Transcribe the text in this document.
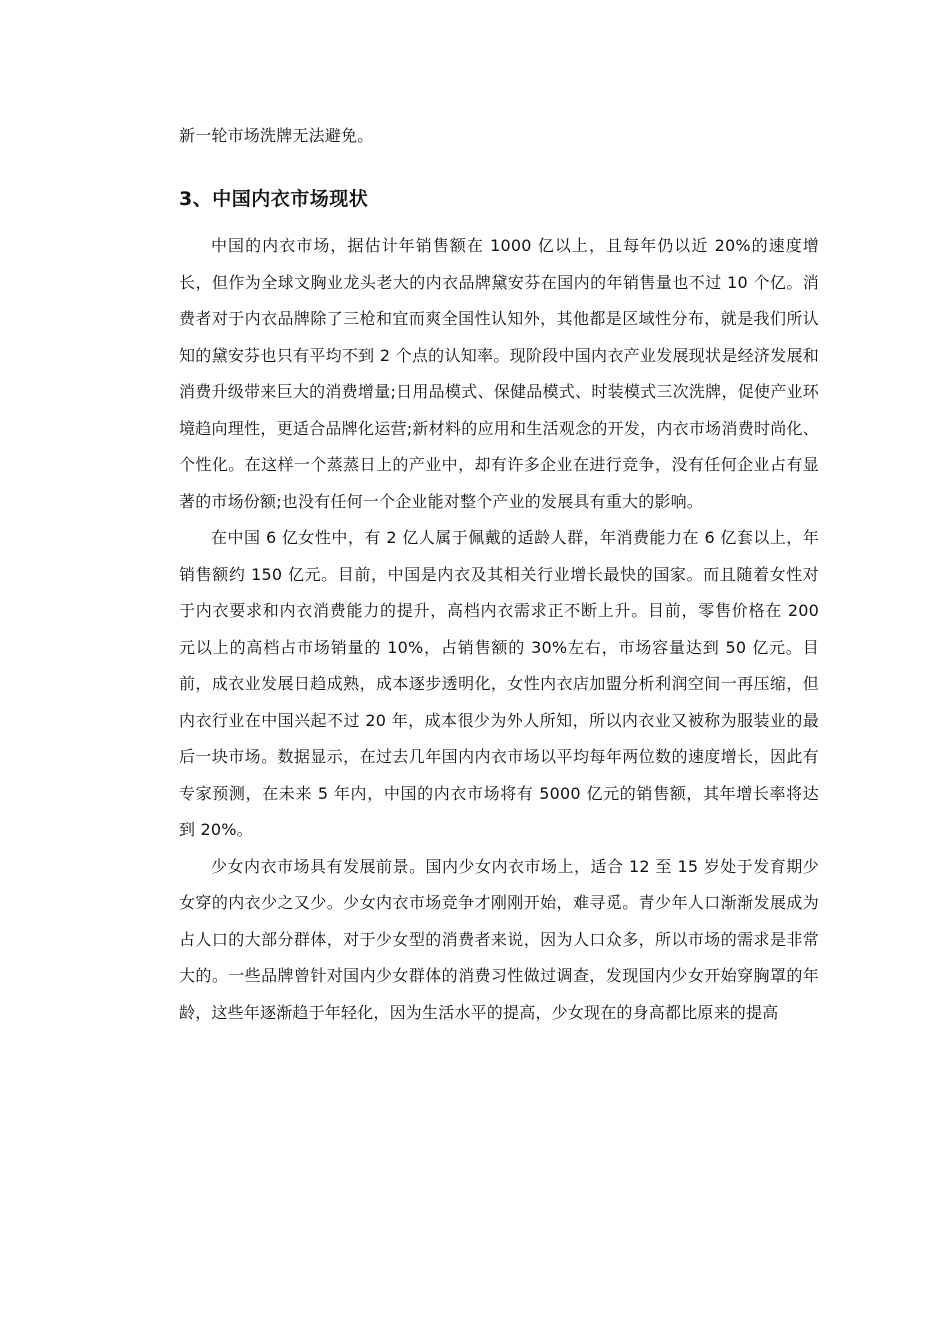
新一轮市场洗牌无法避免。
3、中国内衣市场现状

中国的内衣市场，据估计年销售额在 1000 亿以上，且每年仍以近 20%的速度增长，但作为全球文胸业龙头老大的内衣品牌黛安芬在国内的年销售量也不过 10 个亿。消费者对于内衣品牌除了三枪和宜而爽全国性认知外，其他都是区域性分布，就是我们所认知的黛安芬也只有平均不到 2 个点的认知率。现阶段中国内衣产业发展现状是经济发展和消费升级带来巨大的消费增量;日用品模式、保健品模式、时装模式三次洗牌，促使产业环境趋向理性，更适合品牌化运营;新材料的应用和生活观念的开发，内衣市场消费时尚化、个性化。在这样一个蒸蒸日上的产业中，却有许多企业在进行竞争，没有任何企业占有显著的市场份额;也没有任何一个企业能对整个产业的发展具有重大的影响。

在中国 6 亿女性中，有 2 亿人属于佩戴的适龄人群，年消费能力在 6 亿套以上，年销售额约 150 亿元。目前，中国是内衣及其相关行业增长最快的国家。而且随着女性对于内衣要求和内衣消费能力的提升，高档内衣需求正不断上升。目前，零售价格在 200 元以上的高档占市场销量的 10%，占销售额的 30%左右，市场容量达到 50 亿元。目前，成衣业发展日趋成熟，成本逐步透明化，女性内衣店加盟分析利润空间一再压缩，但内衣行业在中国兴起不过 20 年，成本很少为外人所知，所以内衣业又被称为服装业的最后一块市场。数据显示，在过去几年国内内衣市场以平均每年两位数的速度增长，因此有专家预测，在未来 5 年内，中国的内衣市场将有 5000 亿元的销售额，其年增长率将达到 20%。

少女内衣市场具有发展前景。国内少女内衣市场上，适合 12 至 15 岁处于发育期少女穿的内衣少之又少。少女内衣市场竞争才刚刚开始，难寻觅。青少年人口渐渐发展成为占人口的大部分群体，对于少女型的消费者来说，因为人口众多，所以市场的需求是非常大的。一些品牌曾针对国内少女群体的消费习性做过调查，发现国内少女开始穿胸罩的年龄，这些年逐渐趋于年轻化，因为生活水平的提高，少女现在的身高都比原来的提高
